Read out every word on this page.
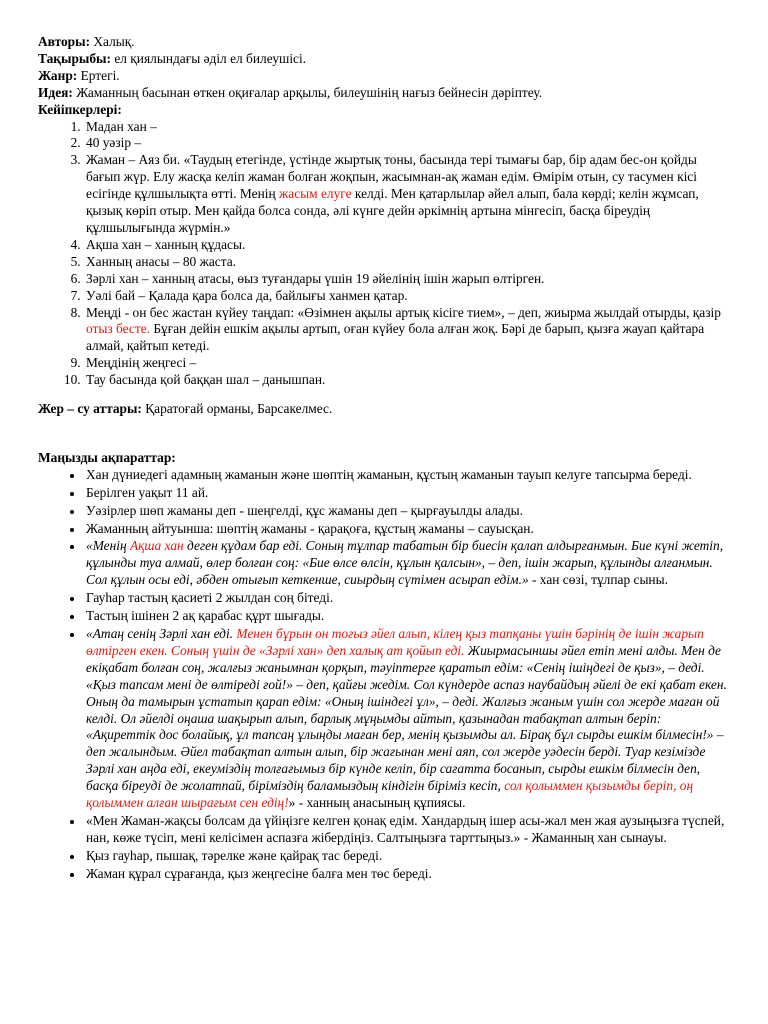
Авторы: Халық.

Тақырыбы: ел қиялындағы әділ ел билеушісі.

Жанр: Ертегі.

Идея: Жаманның басынан өткен оқиғалар арқылы, билеушінің нағыз бейнесін дәріптеу.

Кейіпкерлері:

1. Мадан хан –
2. 40 уәзір –
3. Жаман – Аяз би. «Таудың етегінде, үстінде жыртық тоны, басында тері тымағы бар, бір адам бес-он қойды бағып жүр. Елу жасқа келіп жаман болған жоқпын, жасымнан-ақ жаман едім. Өмірім отын, су тасумен кісі есігінде құлшылықта өтті. Менің жасым елуге келді. Мен қатарлылар әйел алып, бала көрді; келін жұмсап, қызық көріп отыр. Мен қайда болса сонда, әлі күнге дейн әркімнің артына мінгесіп, басқа біреудің құлшылығында жүрмін.»
4. Ақша хан – ханның құдасы.
5. Ханның анасы – 80 жаста.
6. Зәрлі хан – ханның атасы, өыз туғандары үшін 19 әйелінің ішін жарып өлтірген.
7. Уәлі бай – Қалада қара болса да, байлығы ханмен қатар.
8. Меңді - он бес жастан күйеу таңдап: «Өзімнен ақылы артық кісіге тием», – деп, жиырма жылдай отырды, қазір отыз бесте. Бұған дейін ешкім ақылы артып, оған күйеу бола алған жоқ. Бәрі де барып, қызға жауап қайтара алмай, қайтып кетеді.
9. Меңдінің жеңгесі –
10. Тау басында қой баққан шал – данышпан.

Жер – су аттары: Қаратоғай орманы, Барсакелмес.

Маңызды ақпараттар:

• Хан дүниедегі адамның жаманын және шөптің жаманын, құстың жаманын тауып келуге тапсырма береді.
• Берілген уақыт 11 ай.
• Уәзірлер шөп жаманы деп - шеңгелді, құс жаманы деп – қырғауылды алады.
• Жаманның айтуынша: шөптің жаманы - қарақоға, құстың жаманы – сауысқан.
• «Менің Ақша хан деген құдам бар еді. Соның тұлпар табатын бір биесін қалап алдырғанмын. Бие күні жетіп, құлынды туа алмай, өлер болған соң: «Бие өлсе өлсін, құлын қалсын», – деп, ішін жарып, құлынды алғанмын. Сол құлын осы еді, әбден отығып кеткенше, сиырдың сүтімен асырап едім.» - хан сөзі, тұлпар сыны.
• Гауһар тастың қасиеті 2 жылдан соң бітеді.
• Тастың ішінен 2 ақ қарабас құрт шығады.
• «Атаң сенің Зәрлі хан еді. Менен бұрын он тоғыз әйел алып, кілең қыз тапқаны үшін бәрінің де ішін жарып өлтірген екен. Соның үшін де «Зәрлі хан» деп халық ат қойып еді. Жиырмасыншы әйел етіп мені алды. Мен де екіқабат болған соң, жалғыз жанымнан қорқып, тәуіптерге қаратып едім: «Сенің ішіңдегі де қыз», – деді. «Қыз тапсам мені де өлтіреді ғой!» – деп, қайғы жедім. Сол күндерде аспаз наубайдың әйелі де екі қабат екен. Оның да тамырын ұстатып қарап едім: «Оның ішіндегі ұл», – деді. Жалғыз жаным үшін сол жерде маған ой келді. Ол әйелді оңаша шақырып алып, барлық мұңымды айтып, қазынадан табақтап алтын беріп: «Ақиреттік дос болайық, ұл тапсаң ұлыңды маған бер, менің қызымды ал. Бірақ бұл сырды ешкім білмесін!» – деп жалындым. Әйел табақтап алтын алып, бір жағынан мені аяп, сол жерде уәдесін берді. Туар кезімізде Зәрлі хан аңда еді, екеуміздің толғағымыз бір күнде келіп, бір сағатта босанып, сырды ешкім білмесін деп, басқа біреуді де жолатпай, біріміздің баламыздың кіндігін біріміз кесіп, сол қолыммен қызымды беріп, оң қолыммен алған шырағым сен едің!» - ханның анасының құпиясы.
• «Мен Жаман-жақсы болсам да үйіңізге келген қонақ едім. Хандардың ішер асы-жал мен жая аузыңызға түспей, нан, көже түсіп, мені келісімен аспазға жібердіңіз. Салтыңызға тарттыңыз.» - Жаманның хан сынауы.
• Қыз гауһар, пышақ, тәрелке және қайрақ тас береді.
• Жаман құрал сұрағанда, қыз жеңгесіне балға мен төс береді.
